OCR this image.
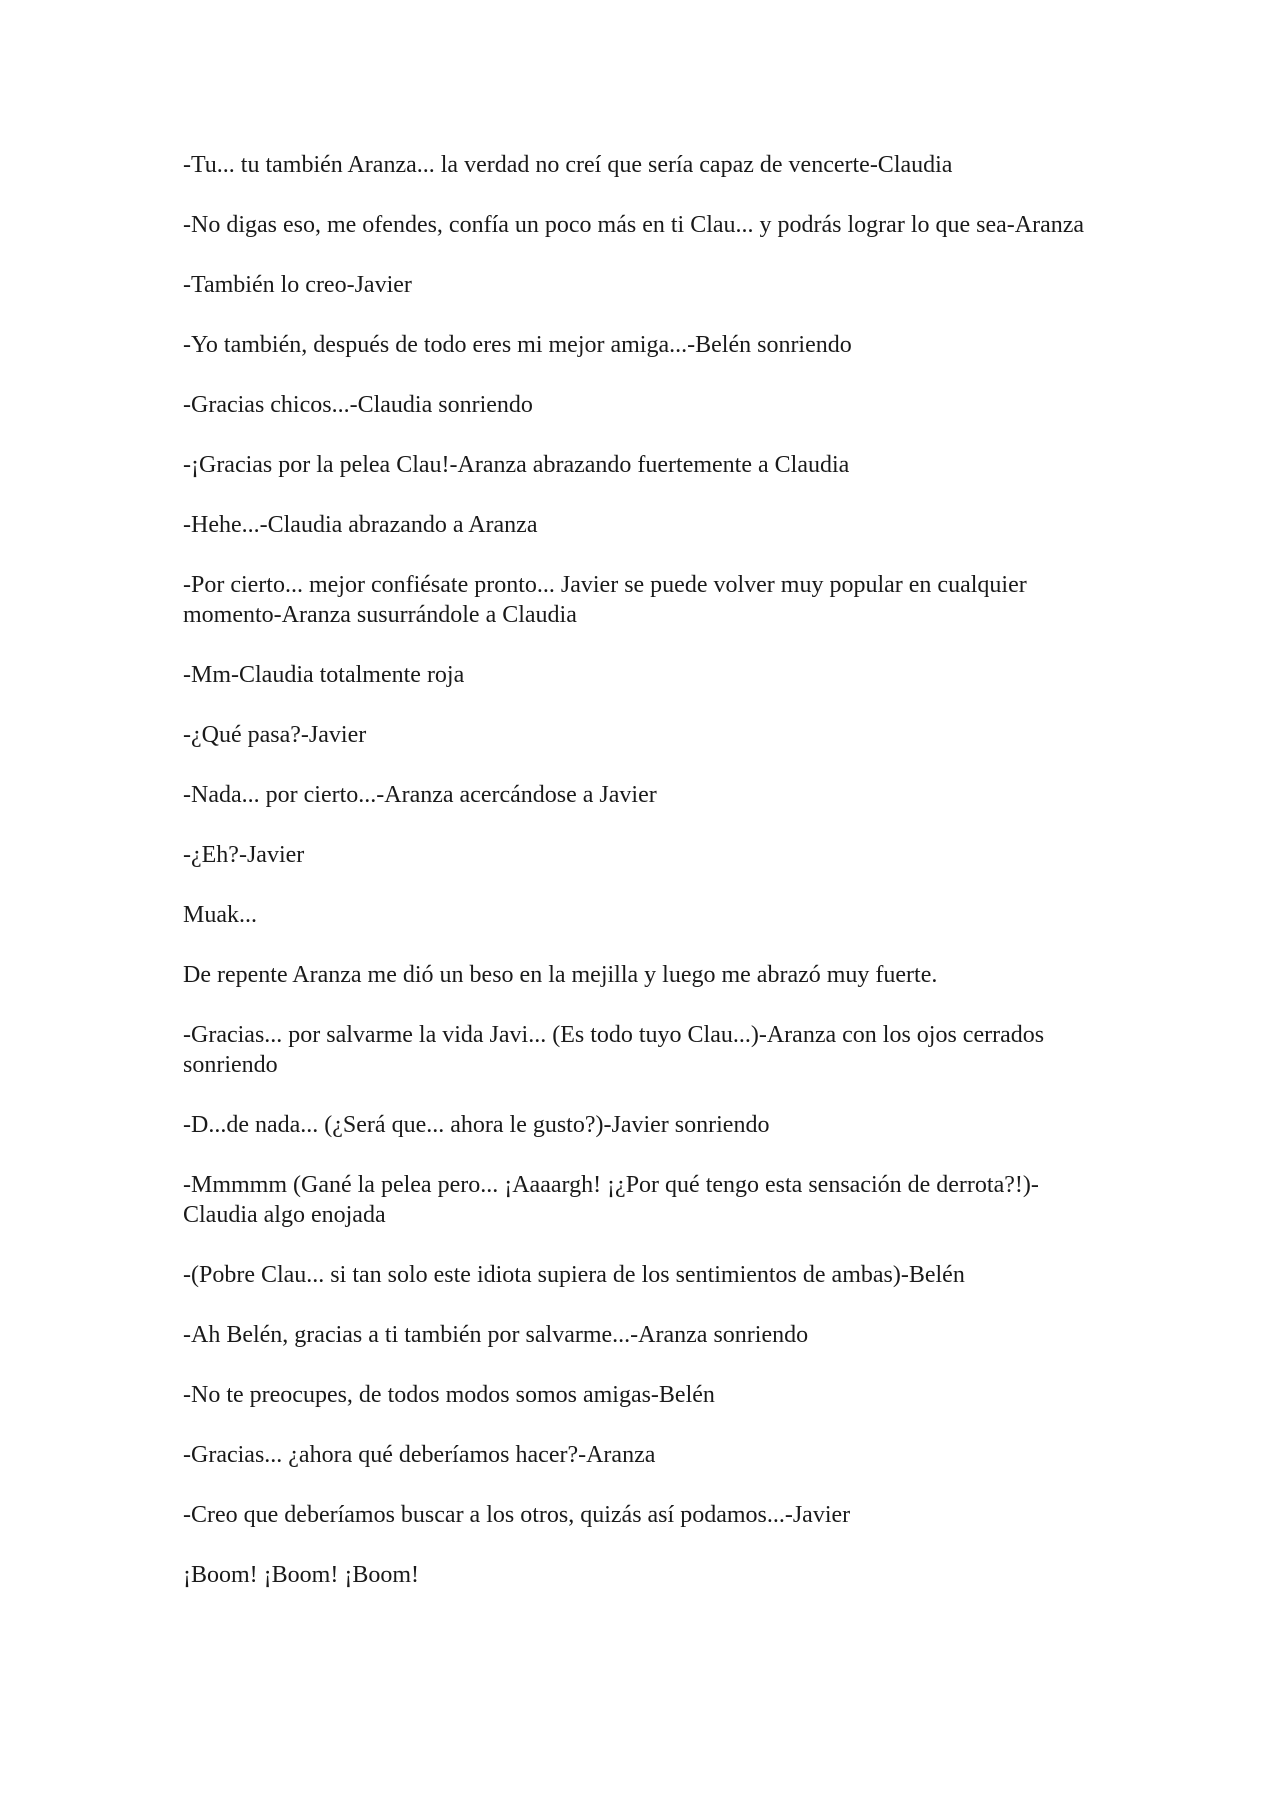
-Tu... tu también Aranza... la verdad no creí que sería capaz de vencerte-Claudia

-No digas eso, me ofendes, confía un poco más en ti Clau... y podrás lograr lo que sea-Aranza

-También lo creo-Javier

-Yo también, después de todo eres mi mejor amiga...-Belén sonriendo

-Gracias chicos...-Claudia sonriendo

-¡Gracias por la pelea Clau!-Aranza abrazando fuertemente a Claudia

-Hehe...-Claudia abrazando a Aranza

-Por cierto... mejor confiésate pronto... Javier se puede volver muy popular en cualquier momento-Aranza susurrándole a Claudia

-Mm-Claudia totalmente roja

-¿Qué pasa?-Javier

-Nada... por cierto...-Aranza acercándose a Javier

-¿Eh?-Javier

Muak...

De repente Aranza me dió un beso en la mejilla y luego me abrazó muy fuerte.

-Gracias... por salvarme la vida Javi... (Es todo tuyo Clau...)-Aranza con los ojos cerrados sonriendo

-D...de nada... (¿Será que... ahora le gusto?)-Javier sonriendo

-Mmmmm (Gané la pelea pero... ¡Aaaargh! ¡¿Por qué tengo esta sensación de derrota?!)-Claudia algo enojada

-(Pobre Clau... si tan solo este idiota supiera de los sentimientos de ambas)-Belén

-Ah Belén, gracias a ti también por salvarme...-Aranza sonriendo

-No te preocupes, de todos modos somos amigas-Belén

-Gracias... ¿ahora qué deberíamos hacer?-Aranza

-Creo que deberíamos buscar a los otros, quizás así podamos...-Javier

¡Boom! ¡Boom! ¡Boom!
